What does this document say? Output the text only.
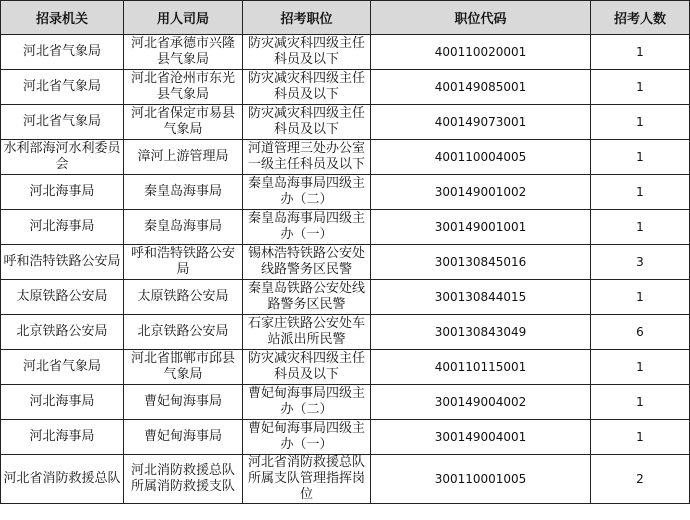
招录机关	用人司局	招考职位	职位代码	招考人数
河北省气象局	河北省承德市兴隆县气象局	防灾减灾科四级主任科员及以下	400110020001	1
河北省气象局	河北省沧州市东光县气象局	防灾减灾科四级主任科员及以下	400149085001	1
河北省气象局	河北省保定市易县气象局	防灾减灾科四级主任科员及以下	400149073001	1
水利部海河水利委员会	漳河上游管理局	河道管理三处办公室一级主任科员及以下	400110004005	1
河北海事局	秦皇岛海事局	秦皇岛海事局四级主办（二）	300149001002	1
河北海事局	秦皇岛海事局	秦皇岛海事局四级主办（一）	300149001001	1
呼和浩特铁路公安局	呼和浩特铁路公安局	锡林浩特铁路公安处线路警务区民警	300130845016	3
太原铁路公安局	太原铁路公安局	秦皇岛铁路公安处线路警务区民警	300130844015	1
北京铁路公安局	北京铁路公安局	石家庄铁路公安处车站派出所民警	300130843049	6
河北省气象局	河北省邯郸市邱县气象局	防灾减灾科四级主任科员及以下	400110115001	1
河北海事局	曹妃甸海事局	曹妃甸海事局四级主办（二）	300149004002	1
河北海事局	曹妃甸海事局	曹妃甸海事局四级主办（一）	300149004001	1
河北省消防救援总队	河北消防救援总队所属消防救援支队	河北省消防救援总队所属支队管理指挥岗位	300110001005	2
